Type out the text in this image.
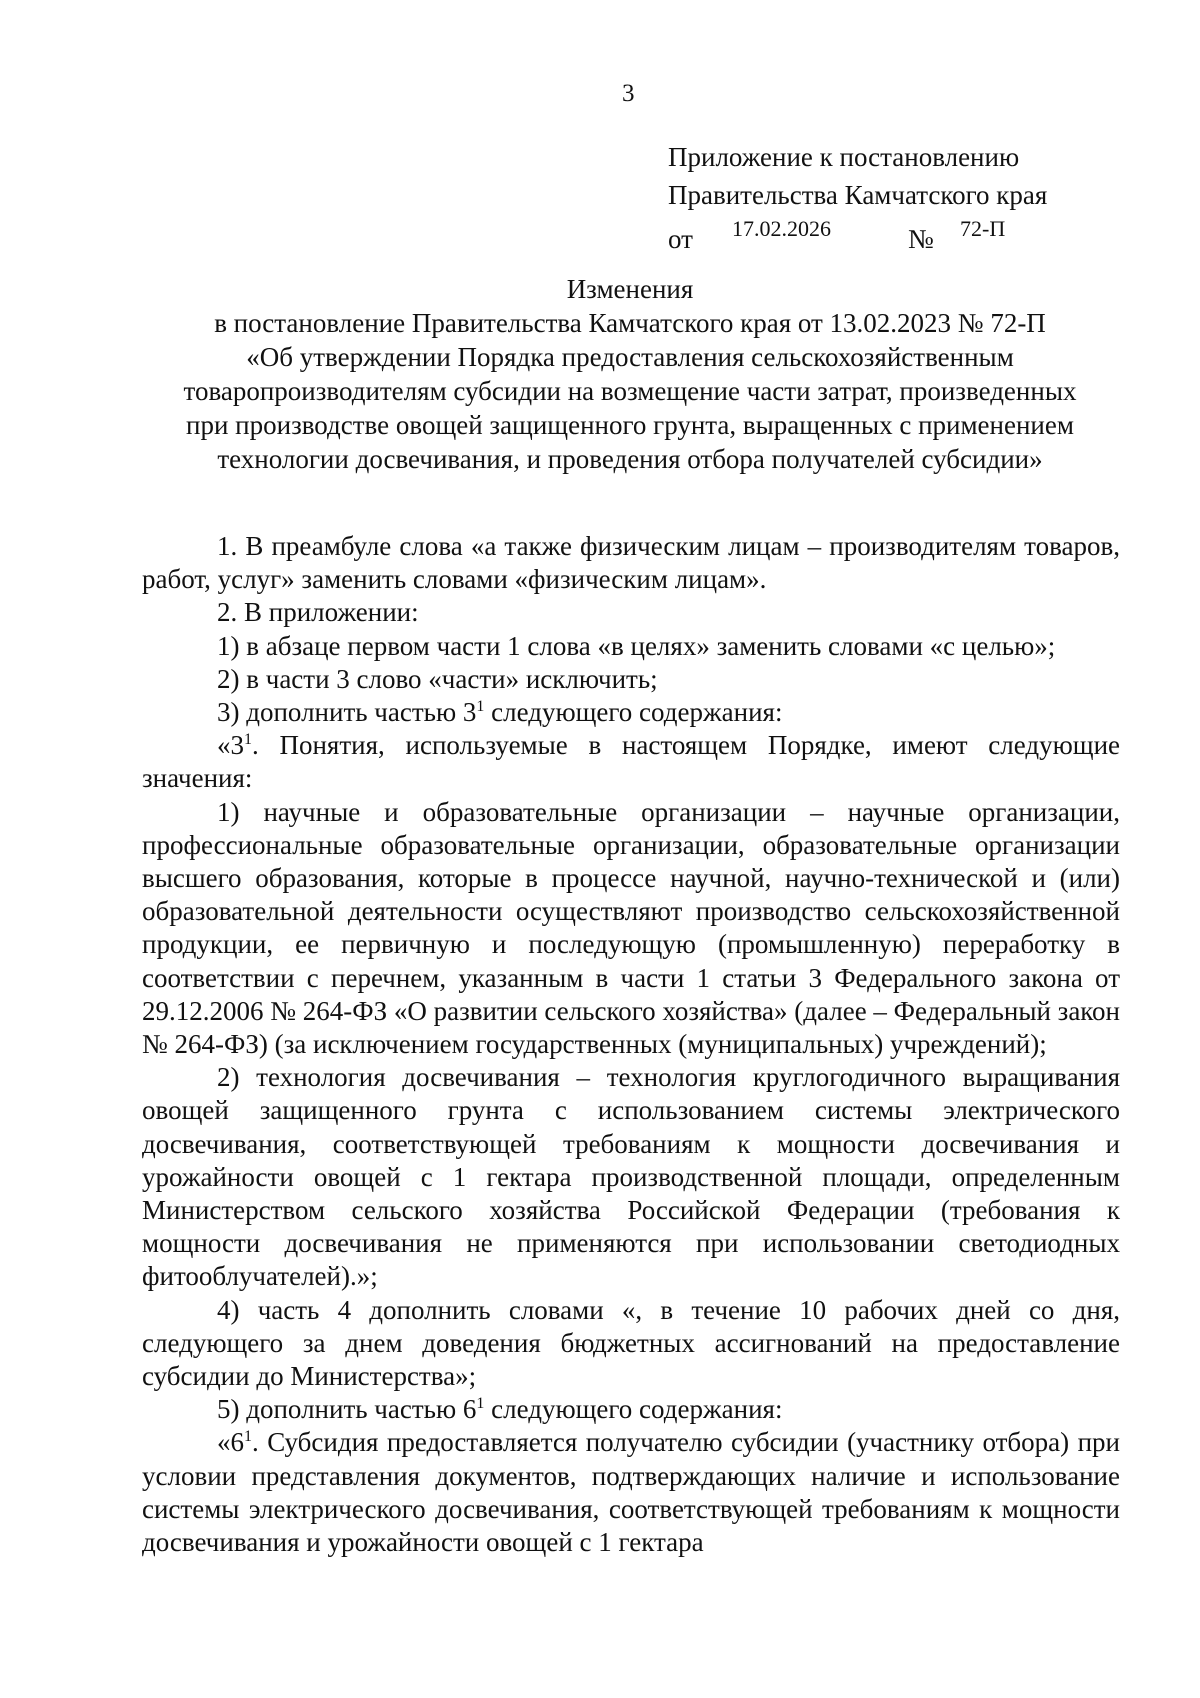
3
Приложение к постановлению
Правительства Камчатского края
от 17.02.2026	№ 72-П
Изменения
в постановление Правительства Камчатского края от 13.02.2023 № 72-П
«Об утверждении Порядка предоставления сельскохозяйственным
товаропроизводителям субсидии на возмещение части затрат, произведенных
при производстве овощей защищенного грунта, выращенных с применением
технологии досвечивания, и проведения отбора получателей субсидии»

1. В преамбуле слова «а также физическим лицам – производителям товаров, работ, услуг» заменить словами «физическим лицам».

2. В приложении:

1) в абзаце первом части 1 слова «в целях» заменить словами «с целью»;

2) в части 3 слово «части» исключить;

3) дополнить частью $3^1$ следующего содержания:

«$3^1$. Понятия, используемые в настоящем Порядке, имеют следующие значения:

1) научные и образовательные организации – научные организации, профессиональные образовательные организации, образовательные организации высшего образования, которые в процессе научной, научно-технической и (или) образовательной деятельности осуществляют производство сельскохозяйственной продукции, ее первичную и последующую (промышленную) переработку в соответствии с перечнем, указанным в части 1 статьи 3 Федерального закона от 29.12.2006 № 264-ФЗ «О развитии сельского хозяйства» (далее – Федеральный закон № 264-ФЗ) (за исключением государственных (муниципальных) учреждений);

2) технология досвечивания – технология круглогодичного выращивания овощей защищенного грунта с использованием системы электрического досвечивания, соответствующей требованиям к мощности досвечивания и урожайности овощей с 1 гектара производственной площади, определенным Министерством сельского хозяйства Российской Федерации (требования к мощности досвечивания не применяются при использовании светодиодных фитооблучателей).»;

4) часть 4 дополнить словами «, в течение 10 рабочих дней со дня, следующего за днем доведения бюджетных ассигнований на предоставление субсидии до Министерства»;

5) дополнить частью $6^1$ следующего содержания:

«$6^1$. Субсидия предоставляется получателю субсидии (участнику отбора) при условии представления документов, подтверждающих наличие и использование системы электрического досвечивания, соответствующей требованиям к мощности досвечивания и урожайности овощей с 1 гектара
